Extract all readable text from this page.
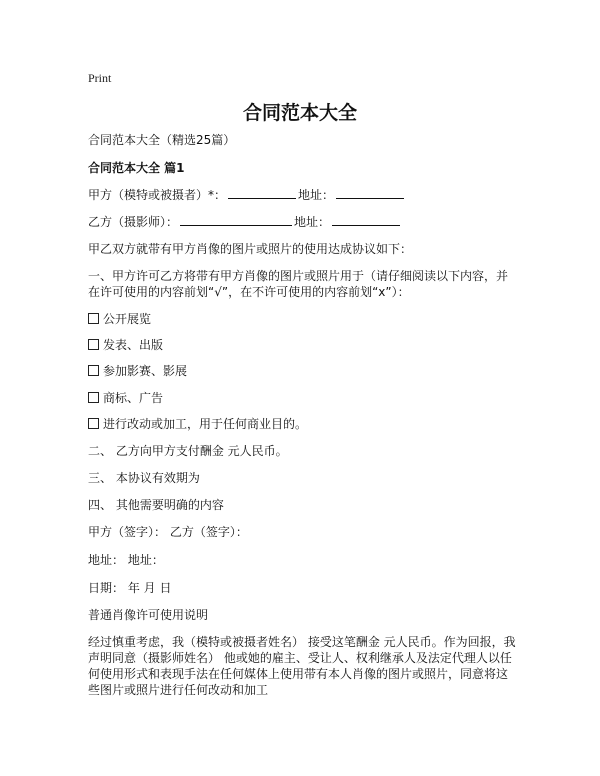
Print
合同范本大全
合同范本大全（精选25篇）
合同范本大全 篇1
甲方（模特或被摄者）*：	地址：
乙方（摄影师）：	地址：
甲乙双方就带有甲方肖像的图片或照片的使用达成协议如下：
一、甲方许可乙方将带有甲方肖像的图片或照片用于（请仔细阅读以下内容，并在许可使用的内容前划“√”，在不许可使用的内容前划“x”）：
公开展览
发表、出版
参加影赛、影展
商标、广告
进行改动或加工，用于任何商业目的。
二、 乙方向甲方支付酬金 元人民币。
三、 本协议有效期为
四、 其他需要明确的内容
甲方（签字）： 乙方（签字）：
地址： 地址：
日期： 年 月 日
普通肖像许可使用说明
经过慎重考虑，我（模特或被摄者姓名） 接受这笔酬金 元人民币。作为回报，我声明同意（摄影师姓名） 他或她的雇主、受让人、权利继承人及法定代理人以任何使用形式和表现手法在任何媒体上使用带有本人肖像的图片或照片，同意将这些图片或照片进行任何改动和加工
